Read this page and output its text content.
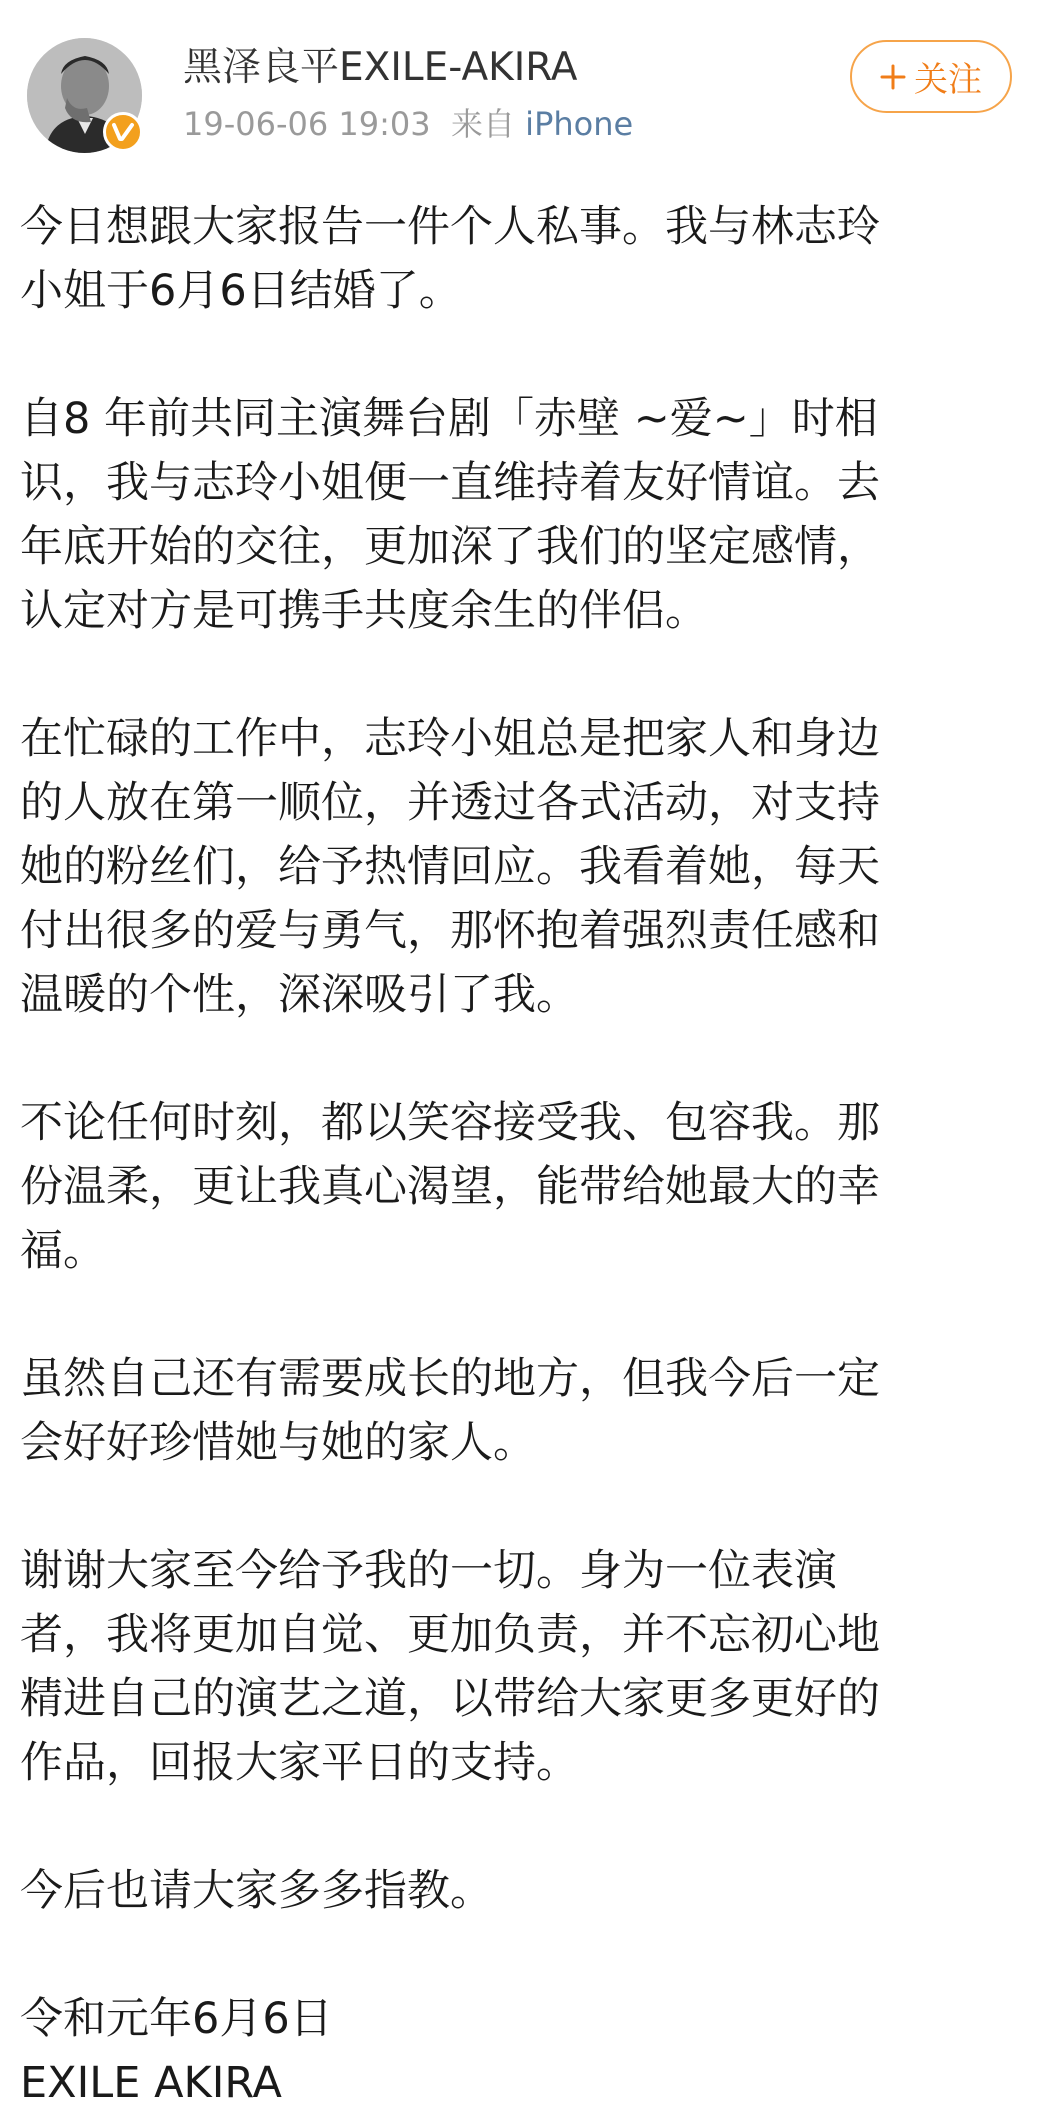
黑泽良平EXILE-AKIRA
19-06-06 19:03 来自 iPhone
关注

今日想跟大家报告一件个人私事。我与林志玲
小姐于6月6日结婚了。

自8 年前共同主演舞台剧「赤壁 ~爱~」时相
识，我与志玲小姐便一直维持着友好情谊。去
年底开始的交往，更加深了我们的坚定感情，
认定对方是可携手共度余生的伴侣。

在忙碌的工作中，志玲小姐总是把家人和身边
的人放在第一顺位，并透过各式活动，对支持
她的粉丝们，给予热情回应。我看着她，每天
付出很多的爱与勇气，那怀抱着强烈责任感和
温暖的个性，深深吸引了我。

不论任何时刻，都以笑容接受我、包容我。那
份温柔，更让我真心渴望，能带给她最大的幸
福。

虽然自己还有需要成长的地方，但我今后一定
会好好珍惜她与她的家人。

谢谢大家至今给予我的一切。身为一位表演
者，我将更加自觉、更加负责，并不忘初心地
精进自己的演艺之道，以带给大家更多更好的
作品，回报大家平日的支持。

今后也请大家多多指教。

令和元年6月6日
EXILE AKIRA
